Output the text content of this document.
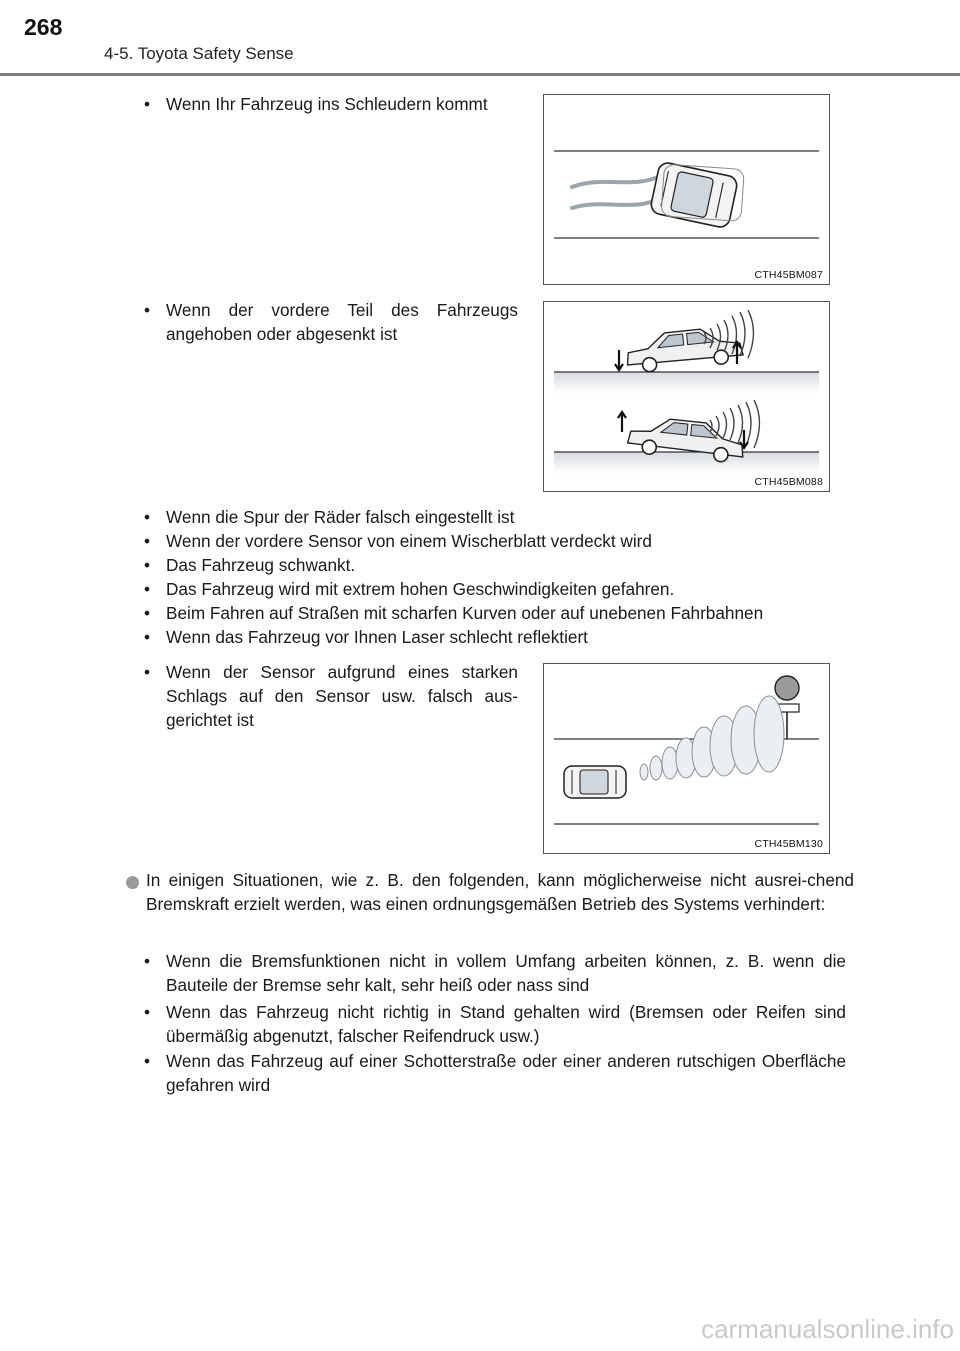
268
4-5. Toyota Safety Sense
• Wenn Ihr Fahrzeug ins Schleudern kommt
CTH45BM087
• Wenn der vordere Teil des Fahrzeugs angehoben oder abgesenkt ist
CTH45BM088
• Wenn die Spur der Räder falsch eingestellt ist
• Wenn der vordere Sensor von einem Wischerblatt verdeckt wird
• Das Fahrzeug schwankt.
• Das Fahrzeug wird mit extrem hohen Geschwindigkeiten gefahren.
• Beim Fahren auf Straßen mit scharfen Kurven oder auf unebenen Fahrbahnen
• Wenn das Fahrzeug vor Ihnen Laser schlecht reflektiert
• Wenn der Sensor aufgrund eines starken Schlags auf den Sensor usw. falsch aus-gerichtet ist
CTH45BM130
In einigen Situationen, wie z. B. den folgenden, kann möglicherweise nicht ausrei-chend Bremskraft erzielt werden, was einen ordnungsgemäßen Betrieb des Systems verhindert:
• Wenn die Bremsfunktionen nicht in vollem Umfang arbeiten können, z. B. wenn die Bauteile der Bremse sehr kalt, sehr heiß oder nass sind
• Wenn das Fahrzeug nicht richtig in Stand gehalten wird (Bremsen oder Reifen sind übermäßig abgenutzt, falscher Reifendruck usw.)
• Wenn das Fahrzeug auf einer Schotterstraße oder einer anderen rutschigen Oberfläche gefahren wird
carmanualsonline.info
